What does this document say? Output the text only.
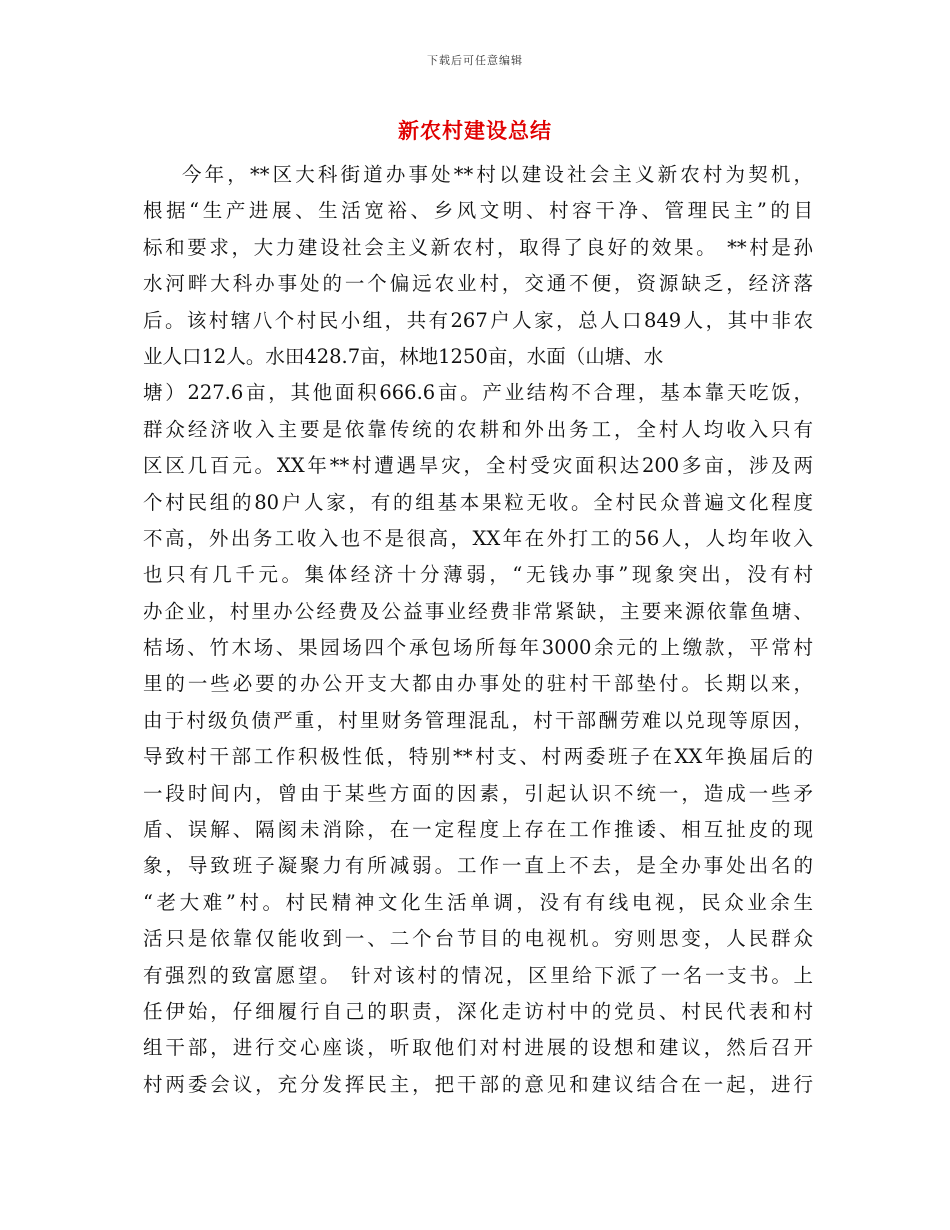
下载后可任意编辑
新农村建设总结
今年，**区大科街道办事处**村以建设社会主义新农村为契机，
根据“生产进展、生活宽裕、乡风文明、村容干净、管理民主”的目
标和要求，大力建设社会主义新农村，取得了良好的效果。 **村是孙
水河畔大科办事处的一个偏远农业村，交通不便，资源缺乏，经济落
后。该村辖八个村民小组，共有267户人家，总人口849人，其中非农
业人口12人。水田428.7亩，林地1250亩，水面（山塘、水
塘）227.6亩，其他面积666.6亩。产业结构不合理，基本靠天吃饭，
群众经济收入主要是依靠传统的农耕和外出务工，全村人均收入只有
区区几百元。XX年**村遭遇旱灾，全村受灾面积达200多亩，涉及两
个村民组的80户人家，有的组基本果粒无收。全村民众普遍文化程度
不高，外出务工收入也不是很高，XX年在外打工的56人，人均年收入
也只有几千元。集体经济十分薄弱，“无钱办事”现象突出，没有村
办企业，村里办公经费及公益事业经费非常紧缺，主要来源依靠鱼塘、
桔场、竹木场、果园场四个承包场所每年3000余元的上缴款，平常村
里的一些必要的办公开支大都由办事处的驻村干部垫付。长期以来，
由于村级负债严重，村里财务管理混乱，村干部酬劳难以兑现等原因，
导致村干部工作积极性低，特别**村支、村两委班子在XX年换届后的
一段时间内，曾由于某些方面的因素，引起认识不统一，造成一些矛
盾、误解、隔阂未消除，在一定程度上存在工作推诿、相互扯皮的现
象，导致班子凝聚力有所减弱。工作一直上不去，是全办事处出名的
“老大难”村。村民精神文化生活单调，没有有线电视，民众业余生
活只是依靠仅能收到一、二个台节目的电视机。穷则思变，人民群众
有强烈的致富愿望。 针对该村的情况，区里给下派了一名一支书。上
任伊始，仔细履行自己的职责，深化走访村中的党员、村民代表和村
组干部，进行交心座谈，听取他们对村进展的设想和建议，然后召开
村两委会议，充分发挥民主，把干部的意见和建议结合在一起，进行
